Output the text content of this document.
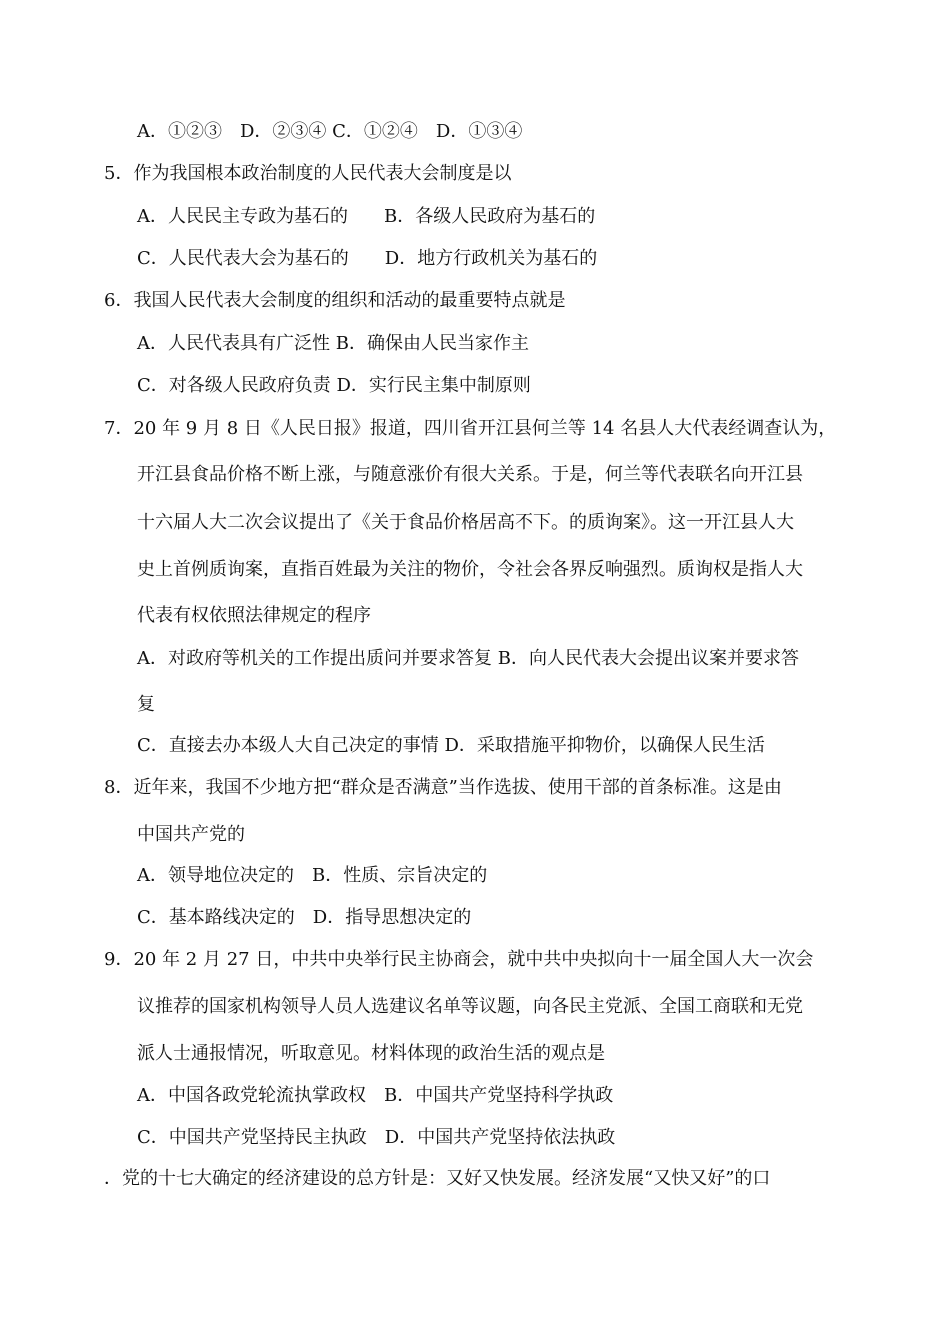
A．①②③　D．②③④ C．①②④　D．①③④
5．作为我国根本政治制度的人民代表大会制度是以
A．人民民主专政为基石的　　B．各级人民政府为基石的
C．人民代表大会为基石的　　D．地方行政机关为基石的
6．我国人民代表大会制度的组织和活动的最重要特点就是
A．人民代表具有广泛性 B．确保由人民当家作主
C．对各级人民政府负责 D．实行民主集中制原则
7．20 年 9 月 8 日《人民日报》报道，四川省开江县何兰等 14 名县人大代表经调查认为，
开江县食品价格不断上涨，与随意涨价有很大关系。于是，何兰等代表联名向开江县
十六届人大二次会议提出了《关于食品价格居高不下。的质询案》。这一开江县人大
史上首例质询案，直指百姓最为关注的物价，令社会各界反响强烈。质询权是指人大
代表有权依照法律规定的程序
A．对政府等机关的工作提出质问并要求答复 B．向人民代表大会提出议案并要求答
复
C．直接去办本级人大自己决定的事情 D．采取措施平抑物价，以确保人民生活
8．近年来，我国不少地方把“群众是否满意”当作选拔、使用干部的首条标准。这是由
中国共产党的
A．领导地位决定的　B．性质、宗旨决定的
C．基本路线决定的　D．指导思想决定的
9．20 年 2 月 27 日，中共中央举行民主协商会，就中共中央拟向十一届全国人大一次会
议推荐的国家机构领导人员人选建议名单等议题，向各民主党派、全国工商联和无党
派人士通报情况，听取意见。材料体现的政治生活的观点是
A．中国各政党轮流执掌政权　B．中国共产党坚持科学执政
C．中国共产党坚持民主执政　D．中国共产党坚持依法执政
．党的十七大确定的经济建设的总方针是：又好又快发展。经济发展“又快又好”的口
